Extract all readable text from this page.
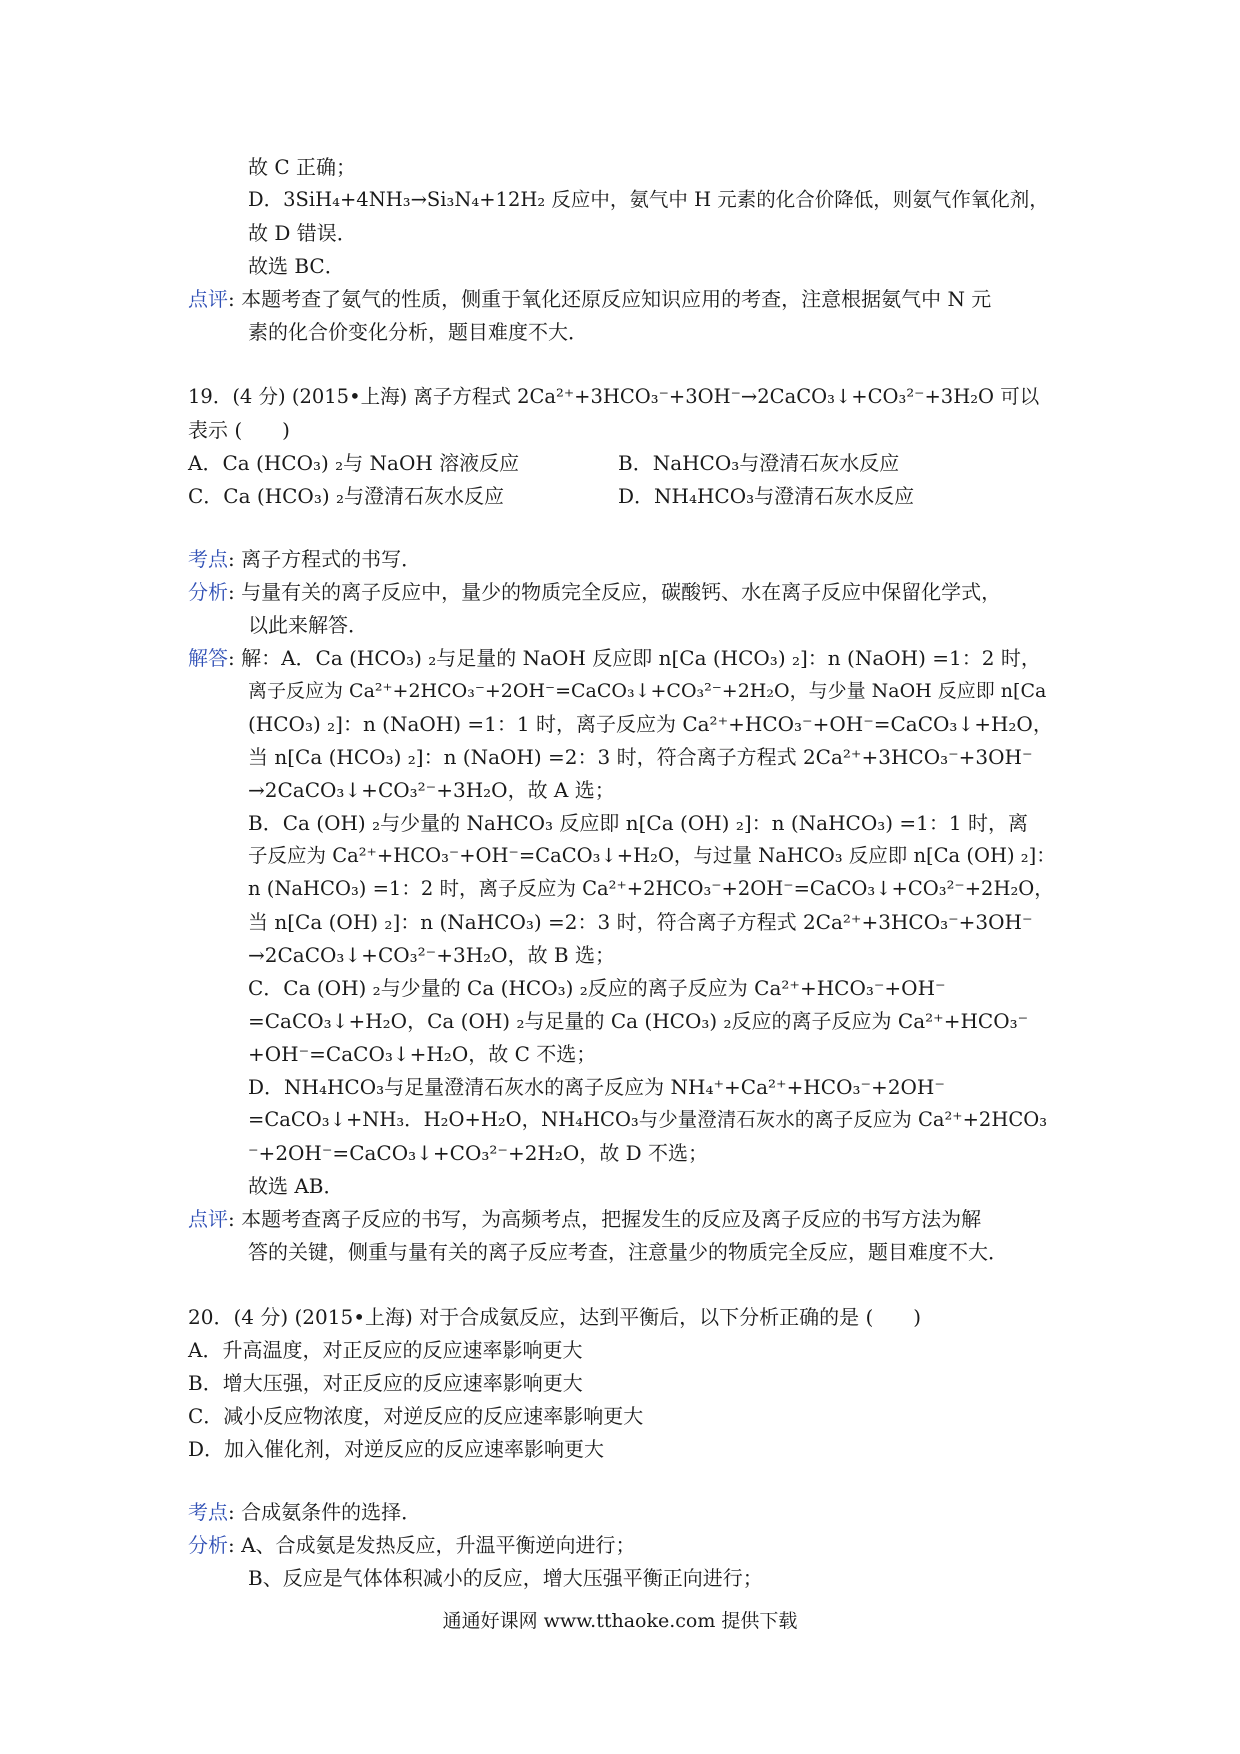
故 C 正确；
D．3SiH₄+4NH₃→Si₃N₄+12H₂ 反应中，氨气中 H 元素的化合价降低，则氨气作氧化剂，
故 D 错误．
故选 BC．
点评: 本题考查了氨气的性质，侧重于氧化还原反应知识应用的考查，注意根据氨气中 N 元
素的化合价变化分析，题目难度不大．
19．(4 分) (2015•上海) 离子方程式 2Ca²⁺+3HCO₃⁻+3OH⁻→2CaCO₃↓+CO₃²⁻+3H₂O 可以
表示 (　　)
A．Ca (HCO₃) ₂与 NaOH 溶液反应	B．NaHCO₃与澄清石灰水反应
C．Ca (HCO₃) ₂与澄清石灰水反应	D．NH₄HCO₃与澄清石灰水反应
考点: 离子方程式的书写．
分析: 与量有关的离子反应中，量少的物质完全反应，碳酸钙、水在离子反应中保留化学式，
以此来解答．
解答: 解：A．Ca (HCO₃) ₂与足量的 NaOH 反应即 n[Ca (HCO₃) ₂]：n (NaOH) =1：2 时，
离子反应为 Ca²⁺+2HCO₃⁻+2OH⁻=CaCO₃↓+CO₃²⁻+2H₂O，与少量 NaOH 反应即 n[Ca
(HCO₃) ₂]：n (NaOH) =1：1 时，离子反应为 Ca²⁺+HCO₃⁻+OH⁻=CaCO₃↓+H₂O，
当 n[Ca (HCO₃) ₂]：n (NaOH) =2：3 时，符合离子方程式 2Ca²⁺+3HCO₃⁻+3OH⁻
→2CaCO₃↓+CO₃²⁻+3H₂O，故 A 选；
B．Ca (OH) ₂与少量的 NaHCO₃ 反应即 n[Ca (OH) ₂]：n (NaHCO₃) =1：1 时，离
子反应为 Ca²⁺+HCO₃⁻+OH⁻=CaCO₃↓+H₂O，与过量 NaHCO₃ 反应即 n[Ca (OH) ₂]：
n (NaHCO₃) =1：2 时，离子反应为 Ca²⁺+2HCO₃⁻+2OH⁻=CaCO₃↓+CO₃²⁻+2H₂O，
当 n[Ca (OH) ₂]：n (NaHCO₃) =2：3 时，符合离子方程式 2Ca²⁺+3HCO₃⁻+3OH⁻
→2CaCO₃↓+CO₃²⁻+3H₂O，故 B 选；
C．Ca (OH) ₂与少量的 Ca (HCO₃) ₂反应的离子反应为 Ca²⁺+HCO₃⁻+OH⁻
=CaCO₃↓+H₂O，Ca (OH) ₂与足量的 Ca (HCO₃) ₂反应的离子反应为 Ca²⁺+HCO₃⁻
+OH⁻=CaCO₃↓+H₂O，故 C 不选；
D．NH₄HCO₃与足量澄清石灰水的离子反应为 NH₄⁺+Ca²⁺+HCO₃⁻+2OH⁻
=CaCO₃↓+NH₃．H₂O+H₂O，NH₄HCO₃与少量澄清石灰水的离子反应为 Ca²⁺+2HCO₃
⁻+2OH⁻=CaCO₃↓+CO₃²⁻+2H₂O，故 D 不选；
故选 AB．
点评: 本题考查离子反应的书写，为高频考点，把握发生的反应及离子反应的书写方法为解
答的关键，侧重与量有关的离子反应考查，注意量少的物质完全反应，题目难度不大．
20．(4 分) (2015•上海) 对于合成氨反应，达到平衡后，以下分析正确的是 (　　)
A．升高温度，对正反应的反应速率影响更大
B．增大压强，对正反应的反应速率影响更大
C．减小反应物浓度，对逆反应的反应速率影响更大
D．加入催化剂，对逆反应的反应速率影响更大
考点: 合成氨条件的选择．
分析: A、合成氨是发热反应，升温平衡逆向进行；
B、反应是气体体积减小的反应，增大压强平衡正向进行；
通通好课网 www.tthaoke.com 提供下载
